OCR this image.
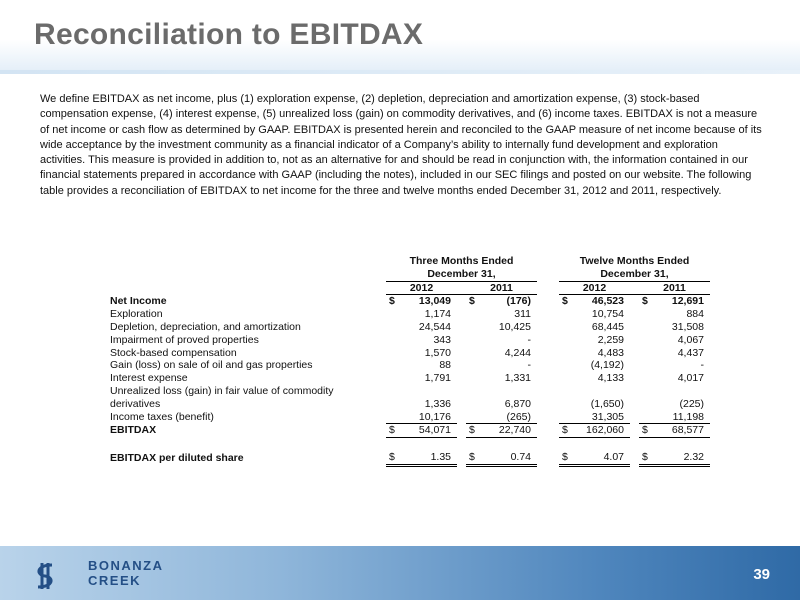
Reconciliation to EBITDAX
We define EBITDAX as net income, plus (1) exploration expense, (2) depletion, depreciation and amortization expense, (3) stock-based compensation expense, (4) interest expense, (5) unrealized loss (gain) on commodity derivatives, and (6) income taxes. EBITDAX is not a measure of net income or cash flow as determined by GAAP. EBITDAX is presented herein and reconciled to the GAAP measure of net income because of its wide acceptance by the investment community as a financial indicator of a Company’s ability to internally fund development and exploration activities. This measure is provided in addition to, not as an alternative for and should be read in conjunction with, the information contained in our financial statements prepared in accordance with GAAP (including the notes), included in our SEC filings and posted on our website. The following table provides a reconciliation of EBITDAX to net income for the three and twelve months ended December 31, 2012 and 2011, respectively.
	Three Months Ended				Twelve Months Ended		
	December 31,				December 31,		
	2012		2011		2012		2011
Net Income	$ 13,049		$ (176)		$ 46,523		$ 12,691
Exploration	1,174		311		10,754		884
Depletion, depreciation, and amortization	24,544		10,425		68,445		31,508
Impairment of proved properties	343		-		2,259		4,067
Stock-based compensation	1,570		4,244		4,483		4,437
Gain (loss) on sale of oil and gas properties	88		-		(4,192)		-
Interest expense	1,791		1,331		4,133		4,017
Unrealized loss (gain) in fair value of commodity							
derivatives	1,336		6,870		(1,650)		(225)
Income taxes (benefit)	10,176		(265)		31,305		11,198
EBITDAX	$ 54,071		$ 22,740		$ 162,060		$ 68,577

EBITDAX per diluted share	$ 1.35		$ 0.74		$ 4.07		$ 2.32
BONANZA
CREEK	39
